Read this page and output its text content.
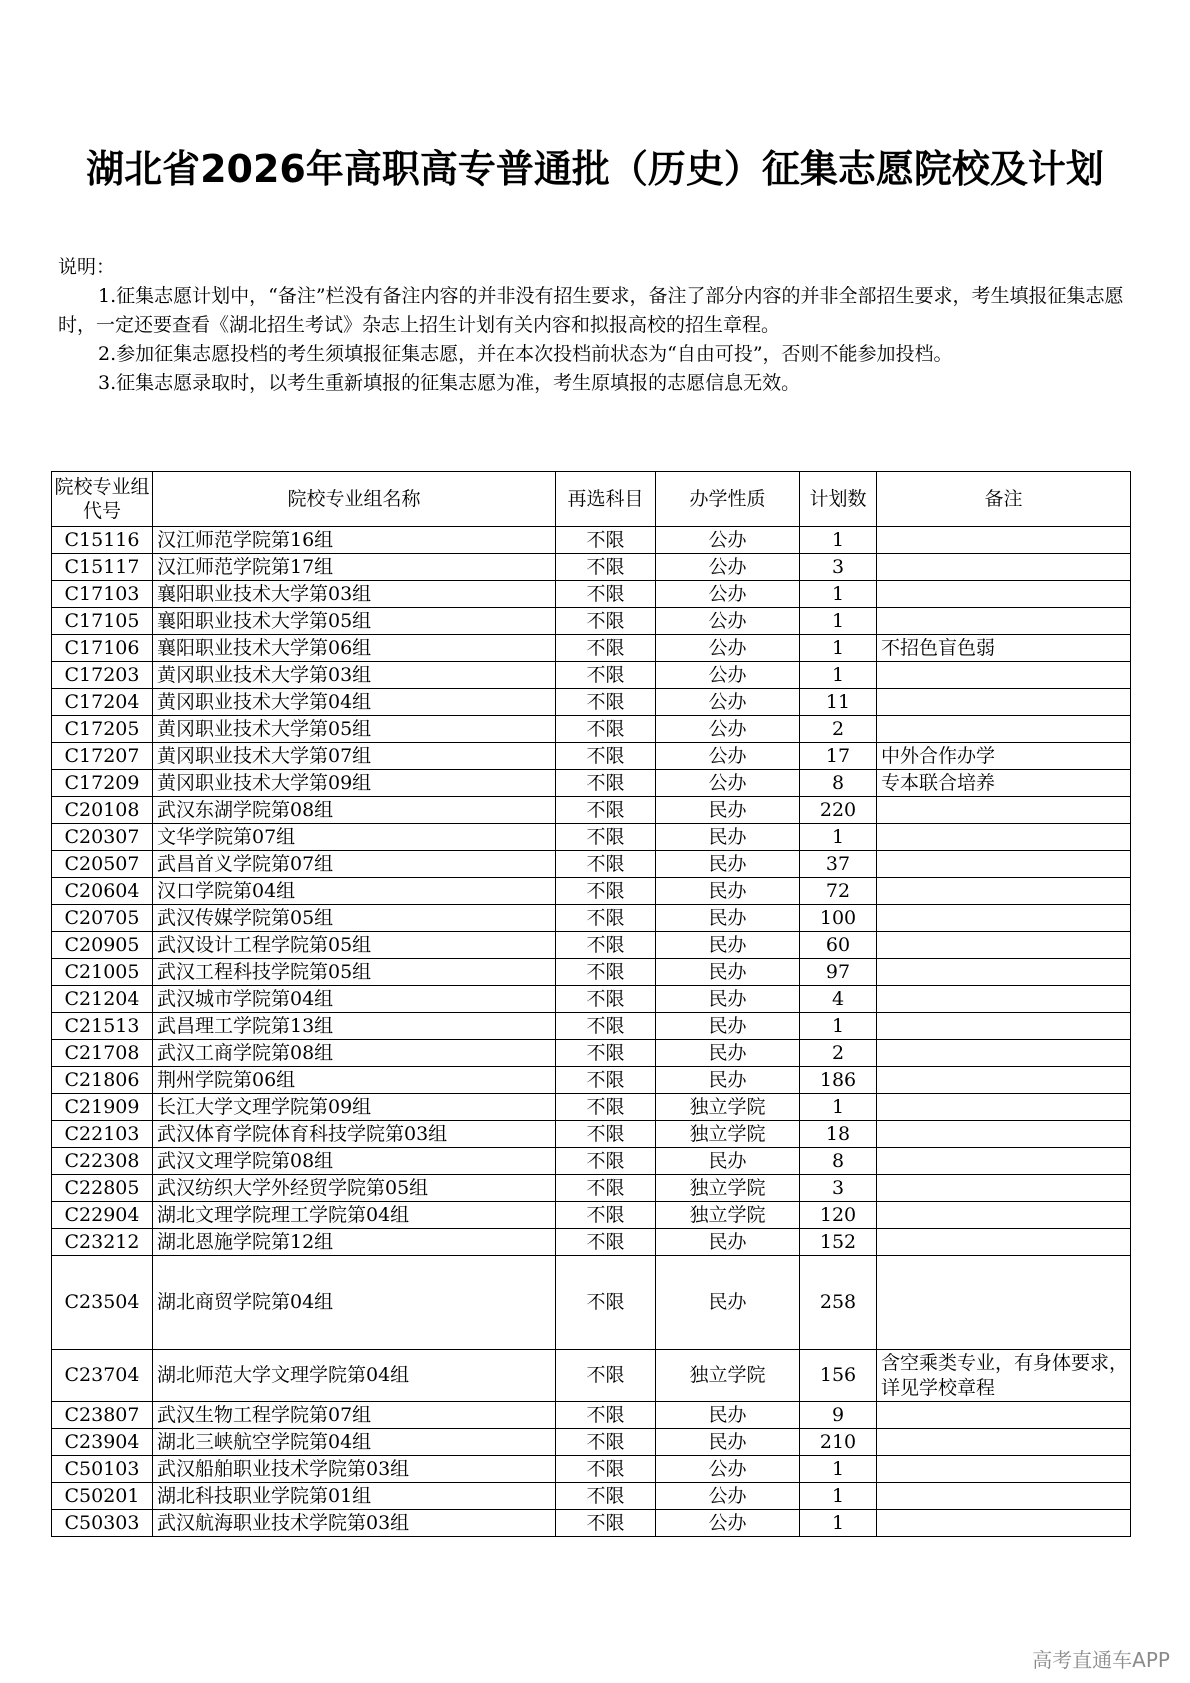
湖北省2026年高职高专普通批（历史）征集志愿院校及计划

说明：

1.征集志愿计划中，“备注”栏没有备注内容的并非没有招生要求，备注了部分内容的并非全部招生要求，考生填报征集志愿时，一定还要查看《湖北招生考试》杂志上招生计划有关内容和拟报高校的招生章程。

2.参加征集志愿投档的考生须填报征集志愿，并在本次投档前状态为“自由可投”，否则不能参加投档。

3.征集志愿录取时，以考生重新填报的征集志愿为准，考生原填报的志愿信息无效。

院校专业组代号	院校专业组名称	再选科目	办学性质	计划数	备注
C15116	汉江师范学院第16组	不限	公办	1	
C15117	汉江师范学院第17组	不限	公办	3	
C17103	襄阳职业技术大学第03组	不限	公办	1	
C17105	襄阳职业技术大学第05组	不限	公办	1	
C17106	襄阳职业技术大学第06组	不限	公办	1	不招色盲色弱
C17203	黄冈职业技术大学第03组	不限	公办	1	
C17204	黄冈职业技术大学第04组	不限	公办	11	
C17205	黄冈职业技术大学第05组	不限	公办	2	
C17207	黄冈职业技术大学第07组	不限	公办	17	中外合作办学
C17209	黄冈职业技术大学第09组	不限	公办	8	专本联合培养
C20108	武汉东湖学院第08组	不限	民办	220	
C20307	文华学院第07组	不限	民办	1	
C20507	武昌首义学院第07组	不限	民办	37	
C20604	汉口学院第04组	不限	民办	72	
C20705	武汉传媒学院第05组	不限	民办	100	
C20905	武汉设计工程学院第05组	不限	民办	60	
C21005	武汉工程科技学院第05组	不限	民办	97	
C21204	武汉城市学院第04组	不限	民办	4	
C21513	武昌理工学院第13组	不限	民办	1	
C21708	武汉工商学院第08组	不限	民办	2	
C21806	荆州学院第06组	不限	民办	186	
C21909	长江大学文理学院第09组	不限	独立学院	1	
C22103	武汉体育学院体育科技学院第03组	不限	独立学院	18	
C22308	武汉文理学院第08组	不限	民办	8	
C22805	武汉纺织大学外经贸学院第05组	不限	独立学院	3	
C22904	湖北文理学院理工学院第04组	不限	独立学院	120	
C23212	湖北恩施学院第12组	不限	民办	152	
C23504	湖北商贸学院第04组	不限	民办	258	
C23704	湖北师范大学文理学院第04组	不限	独立学院	156	含空乘类专业，有身体要求，详见学校章程
C23807	武汉生物工程学院第07组	不限	民办	9	
C23904	湖北三峡航空学院第04组	不限	民办	210	
C50103	武汉船舶职业技术学院第03组	不限	公办	1	
C50201	湖北科技职业学院第01组	不限	公办	1	
C50303	武汉航海职业技术学院第03组	不限	公办	1	
高考直通车APP
